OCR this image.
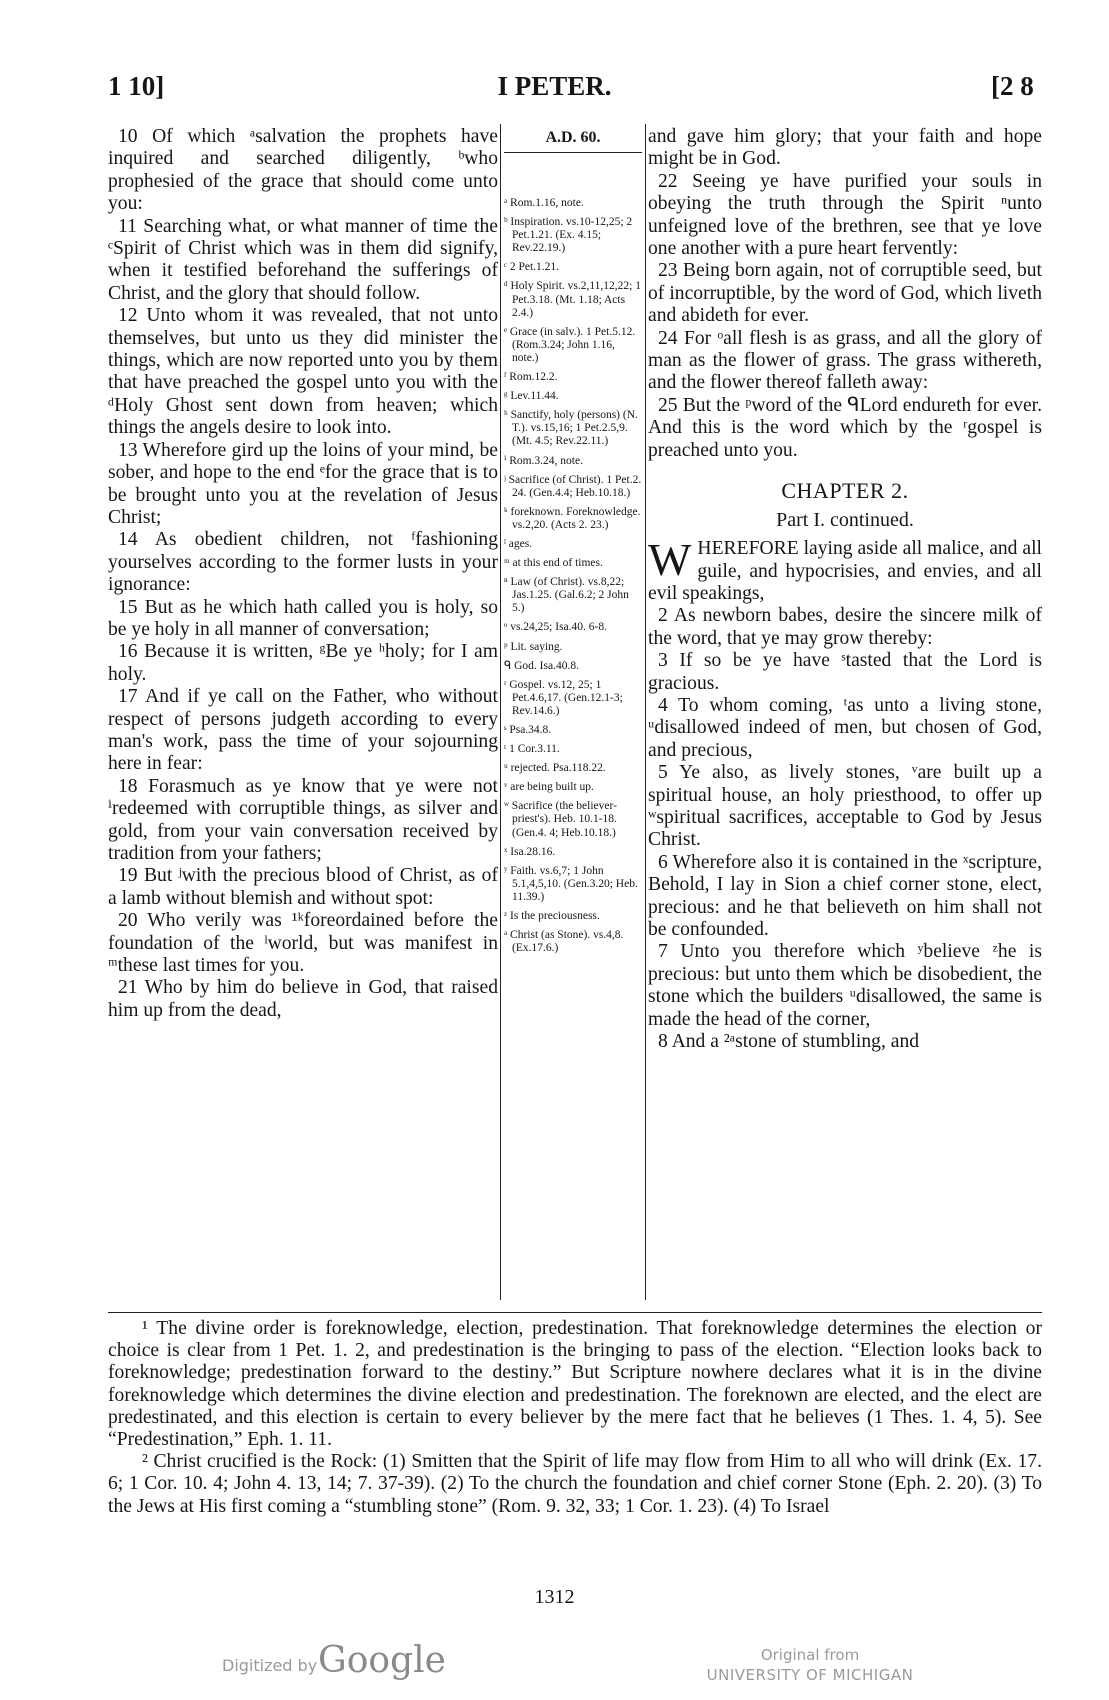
1 10]	I PETER.	[2 8
10 Of which ᵃsalvation the prophets have inquired and searched diligently, ᵇwho prophesied of the grace that should come unto you:
11 Searching what, or what manner of time the ᶜSpirit of Christ which was in them did signify, when it testified beforehand the sufferings of Christ, and the glory that should follow.
12 Unto whom it was revealed, that not unto themselves, but unto us they did minister the things, which are now reported unto you by them that have preached the gospel unto you with the ᵈHoly Ghost sent down from heaven; which things the angels desire to look into.
13 Wherefore gird up the loins of your mind, be sober, and hope to the end ᵉfor the grace that is to be brought unto you at the revelation of Jesus Christ;
14 As obedient children, not ᶠfashioning yourselves according to the former lusts in your ignorance:
15 But as he which hath called you is holy, so be ye holy in all manner of conversation;
16 Because it is written, ᵍBe ye ʰholy; for I am holy.
17 And if ye call on the Father, who without respect of persons judgeth according to every man's work, pass the time of your sojourning here in fear:
18 Forasmuch as ye know that ye were not ⁱredeemed with corruptible things, as silver and gold, from your vain conversation received by tradition from your fathers;
19 But ʲwith the precious blood of Christ, as of a lamb without blemish and without spot:
20 Who verily was ¹ᵏforeordained before the foundation of the ˡworld, but was manifest in ᵐthese last times for you.
21 Who by him do believe in God, that raised him up from the dead,
A.D. 60.
ᵃ Rom.1.16, note.
ᵇ Inspiration. vs.10-12,25; 2 Pet.1.21. (Ex. 4.15; Rev.22.19.)
ᶜ 2 Pet.1.21.
ᵈ Holy Spirit. vs.2,11,12,22; 1 Pet.3.18. (Mt. 1.18; Acts 2.4.)
ᵉ Grace (in salv.). 1 Pet.5.12. (Rom.3.24; John 1.16, note.)
ᶠ Rom.12.2.
ᵍ Lev.11.44.
ʰ Sanctify, holy (persons) (N. T.). vs.15,16; 1 Pet.2.5,9. (Mt. 4.5; Rev.22.11.)
ⁱ Rom.3.24, note.
ʲ Sacrifice (of Christ). 1 Pet.2. 24. (Gen.4.4; Heb.10.18.)
ᵏ foreknown. Foreknowledge. vs.2,20. (Acts 2. 23.)
ˡ ages.
ᵐ at this end of times.
ⁿ Law (of Christ). vs.8,22; Jas.1.25. (Gal.6.2; 2 John 5.)
ᵒ vs.24,25; Isa.40. 6-8.
ᵖ Lit. saying.
ᑫ God. Isa.40.8.
ʳ Gospel. vs.12, 25; 1 Pet.4.6,17. (Gen.12.1-3; Rev.14.6.)
ˢ Psa.34.8.
ᵗ 1 Cor.3.11.
ᵘ rejected. Psa.118.22.
ᵛ are being built up.
ʷ Sacrifice (the believer-priest's). Heb. 10.1-18. (Gen.4. 4; Heb.10.18.)
ˣ Isa.28.16.
ʸ Faith. vs.6,7; 1 John 5.1,4,5,10. (Gen.3.20; Heb. 11.39.)
ᶻ Is the preciousness.
ᵃ Christ (as Stone). vs.4,8. (Ex.17.6.)
and gave him glory; that your faith and hope might be in God.
22 Seeing ye have purified your souls in obeying the truth through the Spirit ⁿunto unfeigned love of the brethren, see that ye love one another with a pure heart fervently:
23 Being born again, not of corruptible seed, but of incorruptible, by the word of God, which liveth and abideth for ever.
24 For ᵒall flesh is as grass, and all the glory of man as the flower of grass. The grass withereth, and the flower thereof falleth away:
25 But the ᵖword of the ᑫLord endureth for ever. And this is the word which by the ʳgospel is preached unto you.
CHAPTER 2.
Part I. continued.
WHEREFORE laying aside all malice, and all guile, and hypocrisies, and envies, and all evil speakings,
2 As newborn babes, desire the sincere milk of the word, that ye may grow thereby:
3 If so be ye have ˢtasted that the Lord is gracious.
4 To whom coming, ᵗas unto a living stone, ᵘdisallowed indeed of men, but chosen of God, and precious,
5 Ye also, as lively stones, ᵛare built up a spiritual house, an holy priesthood, to offer up ʷspiritual sacrifices, acceptable to God by Jesus Christ.
6 Wherefore also it is contained in the ˣscripture, Behold, I lay in Sion a chief corner stone, elect, precious: and he that believeth on him shall not be confounded.
7 Unto you therefore which ʸbelieve ᶻhe is precious: but unto them which be disobedient, the stone which the builders ᵘdisallowed, the same is made the head of the corner,
8 And a ²ᵃstone of stumbling, and
¹ The divine order is foreknowledge, election, predestination. That foreknowledge determines the election or choice is clear from 1 Pet. 1. 2, and predestination is the bringing to pass of the election. “Election looks back to foreknowledge; predestination forward to the destiny.” But Scripture nowhere declares what it is in the divine foreknowledge which determines the divine election and predestination. The foreknown are elected, and the elect are predestinated, and this election is certain to every believer by the mere fact that he believes (1 Thes. 1. 4, 5). See “Predestination,” Eph. 1. 11.
² Christ crucified is the Rock: (1) Smitten that the Spirit of life may flow from Him to all who will drink (Ex. 17. 6; 1 Cor. 10. 4; John 4. 13, 14; 7. 37-39). (2) To the church the foundation and chief corner Stone (Eph. 2. 20). (3) To the Jews at His first coming a “stumbling stone” (Rom. 9. 32, 33; 1 Cor. 1. 23). (4) To Israel
1312
Digitized by Google	Original from
UNIVERSITY OF MICHIGAN
